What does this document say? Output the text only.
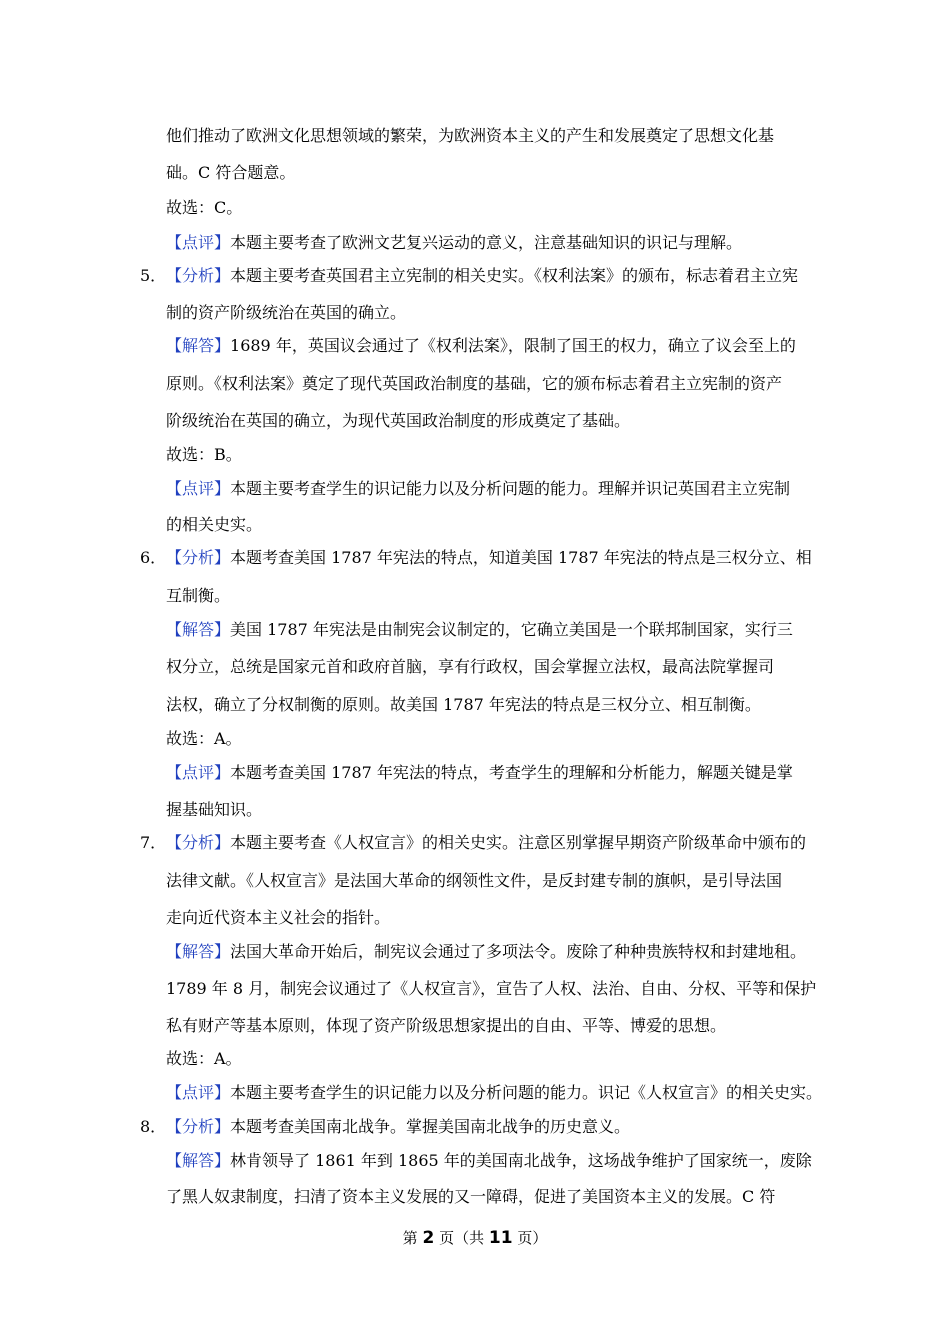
他们推动了欧洲文化思想领域的繁荣，为欧洲资本主义的产生和发展奠定了思想文化基
础。C 符合题意。
故选：C。
【点评】本题主要考查了欧洲文艺复兴运动的意义，注意基础知识的识记与理解。
5． 【分析】本题主要考查英国君主立宪制的相关史实。《权利法案》的颁布，标志着君主立宪
制的资产阶级统治在英国的确立。
【解答】1689 年，英国议会通过了《权利法案》，限制了国王的权力，确立了议会至上的
原则。《权利法案》奠定了现代英国政治制度的基础，它的颁布标志着君主立宪制的资产
阶级统治在英国的确立，为现代英国政治制度的形成奠定了基础。
故选：B。
【点评】本题主要考查学生的识记能力以及分析问题的能力。理解并识记英国君主立宪制
的相关史实。
6． 【分析】本题考查美国 1787 年宪法的特点，知道美国 1787 年宪法的特点是三权分立、相
互制衡。
【解答】美国 1787 年宪法是由制宪会议制定的，它确立美国是一个联邦制国家，实行三
权分立，总统是国家元首和政府首脑，享有行政权，国会掌握立法权，最高法院掌握司
法权，确立了分权制衡的原则。故美国 1787 年宪法的特点是三权分立、相互制衡。
故选：A。
【点评】本题考查美国 1787 年宪法的特点，考查学生的理解和分析能力，解题关键是掌
握基础知识。
7． 【分析】本题主要考查《人权宣言》的相关史实。注意区别掌握早期资产阶级革命中颁布的
法律文献。《人权宣言》是法国大革命的纲领性文件，是反封建专制的旗帜，是引导法国
走向近代资本主义社会的指针。
【解答】法国大革命开始后，制宪议会通过了多项法令。废除了种种贵族特权和封建地租。
1789 年 8 月，制宪会议通过了《人权宣言》，宣告了人权、法治、自由、分权、平等和保护
私有财产等基本原则，体现了资产阶级思想家提出的自由、平等、博爱的思想。
故选：A。
【点评】本题主要考查学生的识记能力以及分析问题的能力。识记《人权宣言》的相关史实。
8． 【分析】本题考查美国南北战争。掌握美国南北战争的历史意义。
【解答】林肯领导了 1861 年到 1865 年的美国南北战争，这场战争维护了国家统一，废除
了黑人奴隶制度，扫清了资本主义发展的又一障碍，促进了美国资本主义的发展。C 符
第 2 页（共 11 页）
